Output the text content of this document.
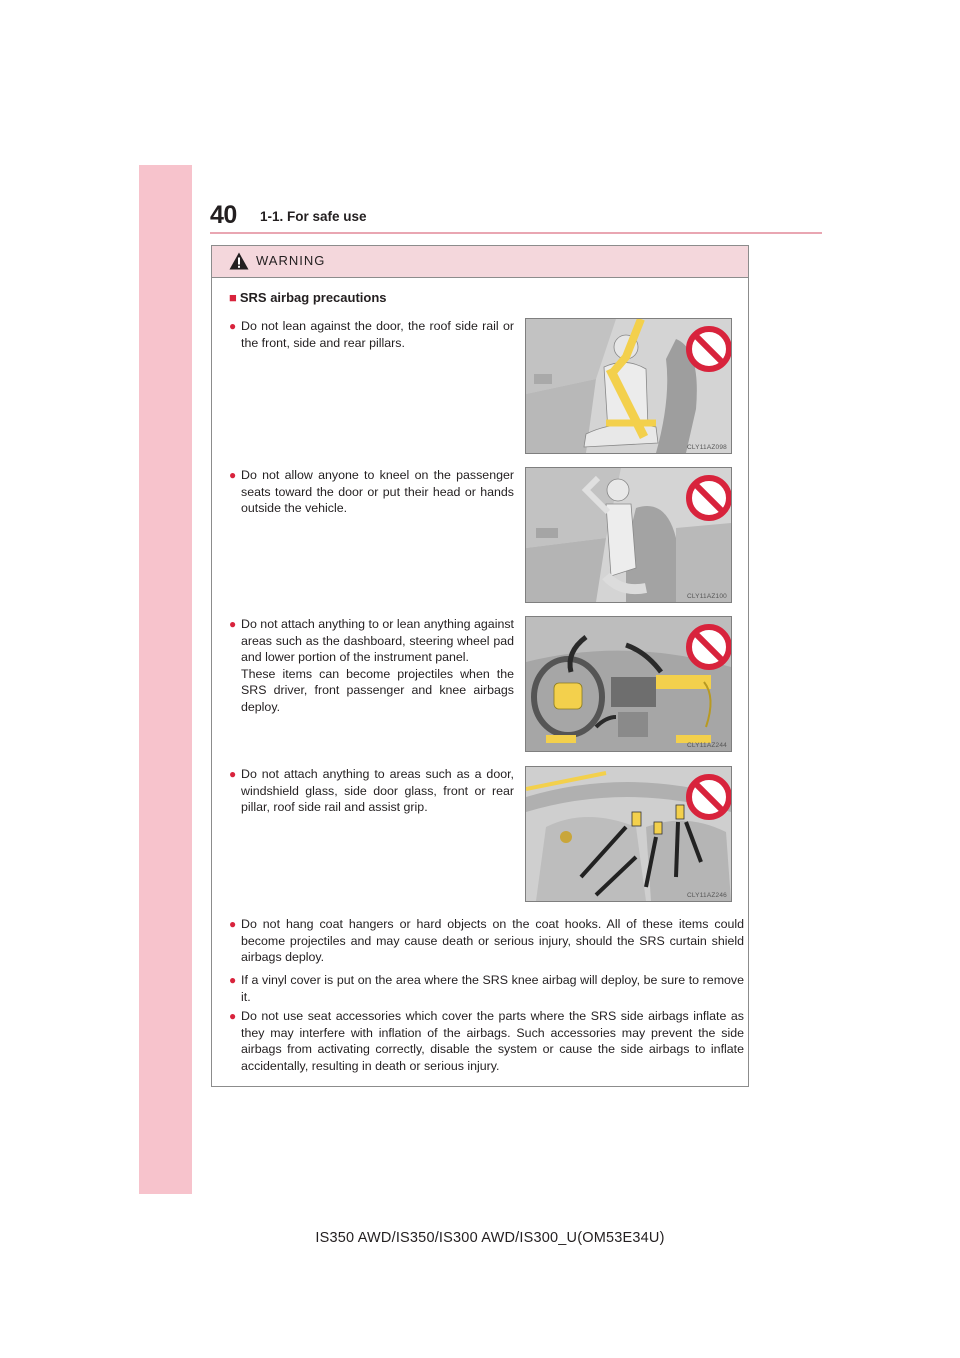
40 1-1. For safe use
WARNING
■ SRS airbag precautions
● Do not lean against the door, the roof side rail or the front, side and rear pillars.
CLY11AZ098
● Do not allow anyone to kneel on the passenger seats toward the door or put their head or hands outside the vehicle.
CLY11AZ100
● Do not attach anything to or lean anything against areas such as the dashboard, steering wheel pad and lower portion of the instrument panel.
These items can become projectiles when the SRS driver, front passenger and knee airbags deploy.
CLY11AZ244
● Do not attach anything to areas such as a door, windshield glass, side door glass, front or rear pillar, roof side rail and assist grip.
CLY11AZ246
● Do not hang coat hangers or hard objects on the coat hooks. All of these items could become projectiles and may cause death or serious injury, should the SRS curtain shield airbags deploy.
● If a vinyl cover is put on the area where the SRS knee airbag will deploy, be sure to remove it.
● Do not use seat accessories which cover the parts where the SRS side airbags inflate as they may interfere with inflation of the airbags. Such accessories may prevent the side airbags from activating correctly, disable the system or cause the side airbags to inflate accidentally, resulting in death or serious injury.
IS350 AWD/IS350/IS300 AWD/IS300_U(OM53E34U)
